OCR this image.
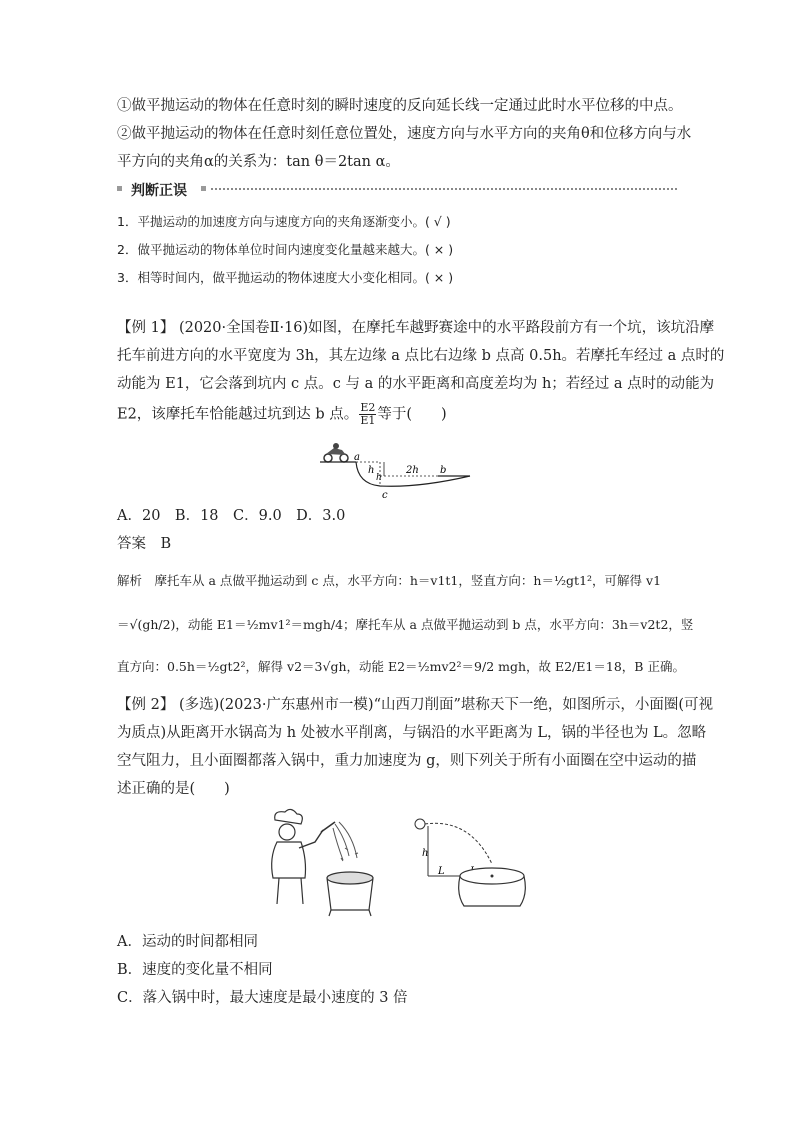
①做平抛运动的物体在任意时刻的瞬时速度的反向延长线一定通过此时水平位移的中点。
②做平抛运动的物体在任意时刻任意位置处，速度方向与水平方向的夹角θ和位移方向与水
平方向的夹角α的关系为：tan θ＝2tan α。
判断正误
1．平抛运动的加速度方向与速度方向的夹角逐渐变小。( √ )
2．做平抛运动的物体单位时间内速度变化量越来越大。( × )
3．相等时间内，做平抛运动的物体速度大小变化相同。( × )
【例 1】 (2020·全国卷Ⅱ·16)如图，在摩托车越野赛途中的水平路段前方有一个坑，该坑沿摩
托车前进方向的水平宽度为 3h，其左边缘 a 点比右边缘 b 点高 0.5h。若摩托车经过 a 点时的
动能为 E1，它会落到坑内 c 点。c 与 a 的水平距离和高度差均为 h；若经过 a 点时的动能为
E2，该摩托车恰能越过坑到达 b 点。 $\frac{E2}{E1}$ 等于(　　)
a
h
h
2h b
c
A．20　B．18　C．9.0　D．3.0
答案　B
解析　摩托车从 a 点做平抛运动到 c 点，水平方向：h＝v1t1，竖直方向：h＝½gt1²，可解得 v1
＝√(gh/2)，动能 E1＝½mv1²＝mgh/4；摩托车从 a 点做平抛运动到 b 点，水平方向：3h＝v2t2，竖
直方向：0.5h＝½gt2²，解得 v2＝3√gh，动能 E2＝½mv2²＝9/2 mgh，故 E2/E1＝18，B 正确。
【例 2】 (多选)(2023·广东惠州市一模)“山西刀削面”堪称天下一绝，如图所示，小面圈(可视
为质点)从距离开水锅高为 h 处被水平削离，与锅沿的水平距离为 L，锅的半径也为 L。忽略
空气阻力，且小面圈都落入锅中，重力加速度为 g，则下列关于所有小面圈在空中运动的描
述正确的是(　　)
h
L
A．运动的时间都相同
B．速度的变化量不相同
C．落入锅中时，最大速度是最小速度的 3 倍
